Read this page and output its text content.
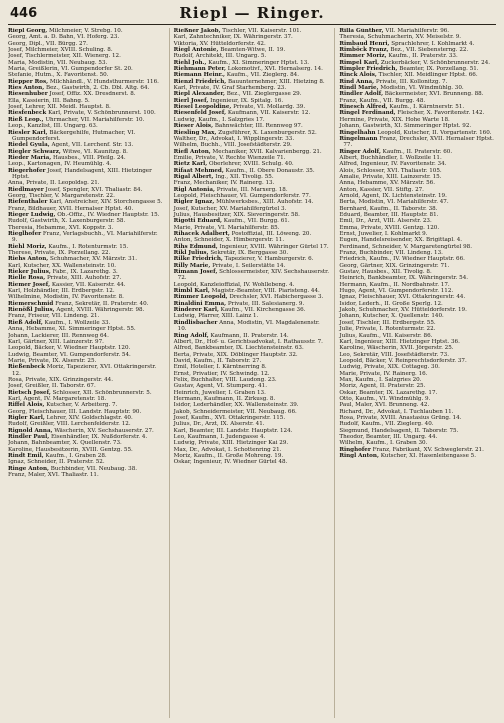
446	Riepl — Ringer.

Riepl Georg, Milchmeier, V. Strebg. 10.

Georg, Amt. a. D. Bahn, VI. Hoferg. 23.

Georg, Dipl., VII. Bürgg. 27.

Josef, Milchmeier, XVIII. Schuling. 8.

Josef, Tischlermeister, XII. Wienerg. 12.

Maria, Modistin, VII. Neubaug. 53.

Maria, Greißlerin, VI. Gumpendorfer St. 20.

Stefanie, Hutm., X. Favoritenst. 50.

Riepper Ros, Milchhändl., V. Hundsthurmerstr. 116.

Ries Anton, Bez., Gastwirth, 2. Cb. Dbl. Altg. 64.

Riesenhuber Josef, Offiz. XX. Dresdnerst. 8.

Ella, Kassierin, III. Bahng. 5.

Josef, Lehrer, XII. Meidl. Hauptst. 8.

Riesfenbeck Karl, Private, V. Schönbrunnerst. 100.

Rieß Leop., Uhrmacher, VII. Mariahilferstr. 10.

Leop., Kanzlist, III. Ungarg. 63.

Riesler Karl, Bäckergehilfe, Hutmacher, VI. Gumpendorferst.

Riedel Gyula, Agent, VII. Lerchenf. Str. 13.

Riegler Schwarz, Witwe, VI. Kaunitzg. 8.

Rieder Maria, Hausbes., VIII. Pfeilg. 24.

Leop., Kartonagen, IV. Heumühlg. 4.

Riegerhofer Josef, Handelsagent, XIII. Hietzinger Hptst.

Anna, Private, II. Leopoldsg. 21.

Riedlmayer Josef, Spengler, XVI. Thaliastr. 84.

Georg, Tischler, V. Margaretenstr. 22.

Riefenthaler Karl, Anstreicher, XIV. Storchengasse 5.

Franz, Bildhauer, XVII. Hernalser Hptst. 40.

Rieger Ludwig, Ob.-Offiz., IV. Wiedner Hauptstr. 15.

Rudolf, Gastwirth, X. Laxenburgerstr. 58.

Theresia, Hebamme, XVI. Koppstr. 3.

Rieglhofer Franz, Verlagsbuchh., VI. Mariahilferstr. 9.

Riehl Moriz, Kaufm., I. Rotenturmstr. 15.

Therese, Private, IX. Porzellang. 22.

Riehs Anton, Schuhmacher, XV. Märzstr. 31.

Karl, Kutscher, XX. Wallensteinstr. 10.

Rieker Julius, Fabr., IX. Lazarethg. 3.

Rielle Rosa, Private, XIII. Auhofstr. 27.

Riemer Josef, Kassier, VII. Kaiserstr. 44.

Karl, Holzhändler, III. Erdbergstr. 12.

Wilhelmine, Modistin, IV. Favoritenstr. 8.

Riemerschmid Franz, Sekretär, II. Praterstr. 40.

Rienößl Julius, Agent, XVIII. Währingerstr. 98.

Franz, Friseur, VII. Lindeng. 21.

Rieß Adolf, Kaufm., I. Wollzeile 33.

Anna, Hebamme, XI. Simmeringer Hptst. 55.

Johann, Lackierer, III. Rennweg 64.

Karl, Gärtner, XIII. Lainzerstr. 97.

Leopold, Bäcker, V. Wiedner Hauptstr. 120.

Ludwig, Beamter, VI. Gumpendorferstr. 54.

Marie, Private, IX. Alserstr. 25.

Rießenbeck Moriz, Tapezierer, XVI. Ottakringerstr. 12.

Rosa, Private, XIX. Grinzingerstr. 44.

Josef, Greißler, II. Taborstr. 67.

Rietsch Josef, Schlosser, XII. Schönbrunnerstr. 5.

Karl, Agent, IV. Margaretenstr. 18.

Riffel Alois, Kutscher, V. Arbeiterg. 7.

Georg, Fleischhauer, III. Landstr. Hauptstr. 90.

Rigler Karl, Lehrer, XIV. Goldschlagstr. 40.

Rudolf, Greißler, VIII. Lerchenfelderstr. 12.

Rignold Anna, Wäscherin, XV. Sechshauserstr. 27.

Rindler Paul, Eisenhändler, IX. Nußdorferstr. 4.

Johann, Bahnbeamter, X. Quellenstr. 73.

Karoline, Hausbesitzerin, XVIII. Gentzg. 55.

Rindt Emil, Kaufm., I. Graben 28.

Ignaz, Schneider, II. Praterstr. 52.

Ringe Anton, Buchbinder, VII. Neubaug. 38.

Franz, Maler, XVI. Thaliastr. 11.

Rießner Jakob, Tischler, VII. Kaiserstr. 101.

Karl, Zahntechniker, IX. Währingerstr. 37.

Viktoria, XV. Hütteldorferstr. 42.

Riegl Antonie, Beamten-Witwe, II. 19.

Rudolf, Architekt, III. Ungarg. 5.

Riehl Joh., Kaufm., XI. Simmeringer Hptst. 13.

Riehmann Peter, Lokomotivf., XVI. Hernalserg. 14.

Riemann Heinr., Kaufm., VII. Zieglerg. 84.

Rienzl Friedrich, Bauunternehmer, XIII. Hietzing 8.

Karl, Private, IV. Graf Starhemberg. 23.

Riepl Alexander, Bez., VII. Zieglergasse 29.

Rierl Josef, Ingenieur, IX. Spitalg. 16.

Riesel Leopoldine, Private, VI. Mollardg. 39.

Riesenfeld Josef, Kaufmann, VII. Kaiserstr. 12.

Ludwig, Kaufm., I. Salzgries 17.

Rieser Alois, Bahnwächter, III. Rennweg 97.

Riesling Max, Zugsführer, X. Laxenburgerstr. 52.

Walther, Dr., Advokat, I. Wipplingerstr. 33.

Wilhelm, Buchh., VIII. Josefstädterstr. 29.

Riefl Anton, Mechaniker, XVII. Kalvarienbergg. 21.

Emilie, Private, V. Rechte Wienzeile 71.

Rietz Karl, Oberlehrer, XVIII. Schulg. 40.

Rifaat Mehmed, Kaufm., II. Obere Donaustr. 35.

Rigal Albert, Ing., XII. Tivolig. 55.

Franz, Mechaniker, IV. Rainerg. 13.

Rigl Antonia, Private, III. Marxerg. 18.

Leopold, Fleischhauer, VI. Gumpendorferstr. 77.

Rigler Ignaz, Mühlwerksbes., XIII. Auhofstr. 14.

Josef, Kutscher, XV. Mariahilfergürtel 3.

Julius, Hausbesitzer, XIX. Sieveringerstr. 58.

Rigotti Eduard, Kaufm., VII. Burgg. 61.

Marie, Private, VI. Mariahilferstr. 85.

Rihacek Adalbert, Postoffizial, III. Löweng. 20.

Anton, Schneider, X. Himbergerstr. 11.

Rihs Edmund, Ingenieur, XVIII. Währinger Gürtel 17.

Rikl Julius, Sekretär, IX. Berggasse 30.

Rilke Friedrich, Tapezierer, V. Hamburgerstr. 6.

Rilly Marie, Private, I. Seilerstätte 14.

Rimann Josef, Schlossermeister, XIV. Sechshauserstr. 72.

Leopold, Kanzleioffizial, IV. Wohllebeng. 4.

Rimbl Karl, Magistr.-Beamter, VIII. Piaristeng. 44.

Rimmer Leopold, Drechsler, XVI. Habichergasse 3.

Rinaldini Emma, Private, III. Salesianerg. 9.

Rinderer Karl, Kaufm., VII. Kirchengasse 36.

Ludwig, Pfarrer, XIII. Lainz 1.

Rindlisbacher Anna, Modistin, VI. Magdalenenstr. 10.

Ring Adolf, Kaufmann, II. Praterstr. 14.

Albert, Dr., Hof- u. Gerichtsadvokat, I. Rathausstr. 7.

Alfred, Bankbeamter, IX. Liechtensteinstr. 63.

Berta, Private, XIX. Döblinger Hauptstr. 32.

David, Kaufm., II. Taborstr. 27.

Emil, Hotelier, I. Kärntnerring 8.

Ernst, Privatier, IV. Schwindg. 12.

Felix, Buchhalter, VIII. Laudong. 23.

Gustav, Agent, VI. Stumperg. 41.

Heinrich, Juwelier, I. Graben 13.

Hermann, Kaufmann, II. Zirkusg. 8.

Isidor, Lederhändler, XX. Wallensteinstr. 39.

Jakob, Schneidermeister, VII. Neubaug. 66.

Josef, Kaufm., XVI. Ottakringerstr. 115.

Julius, Dr., Arzt, IX. Alserstr. 41.

Karl, Beamter, III. Landstr. Hauptstr. 124.

Leo, Kaufmann, I. Judengasse 4.

Ludwig, Private, XIII. Hietzinger Kai 29.

Max, Dr., Advokat, I. Schottenring 21.

Moriz, Kaufm., II. Große Mohreng. 19.

Oskar, Ingenieur, IV. Wiedner Gürtel 48.

Rilla Günther, VII. Mariahilferstr. 96.

Theresia, Schuhmacherin, XV. Meiselstr. 9.

Rimbaud Henri, Sprachlehrer, I. Kohlmarkt 4.

Rimböck Franz, Bez., VII. Siebensterng. 22.

Rimmer Moriz, Kaufm., II. Praterstr. 33.

Rimpel Karl, Zuckerbäcker, V. Schönbrunnerstr. 24.

Rimpler Friedrich, Beamter, IX. Porzellang. 51.

Rinck Alois, Tischler, XII. Meidlinger Hptst. 66.

Rind Anna, Private, III. Kollonitzg. 7.

Rindl Marie, Modistin, VI. Windmühlg. 30.

Rindler Adolf, Bäckermeister, XVI. Brunneng. 88.

Franz, Kaufm., VII. Burgg. 48.

Rinesch Alfred, Kaufm., I. Kärntnerstr. 51.

Ringel Ferdinand, Fleischer, X. Favoritenstr. 142.

Hermine, Private, XIX. Hohe Warte 18.

Johann, Gastwirth, XI. Simmeringer Hptst. 92.

Ringelhahn Leopold, Kutscher, II. Vorgartenstr. 160.

Ringelmann Franz, Drechsler, XVII. Hernalser Hptst. 77.

Ringer Adolf, Kaufm., II. Praterstr. 60.

Albert, Buchhändler, I. Wollzeile 11.

Alfred, Ingenieur, IV. Favoritenstr. 34.

Alois, Schlosser, XVI. Thaliastr. 105.

Amalie, Private, XIII. Lainzerstr. 15.

Anna, Hebamme, XV. Märzstr. 56.

Anton, Kassier, VII. Stiftg. 27.

Arnold, Agent, IX. Lichtensteinstr. 19.

Berta, Modistin, VI. Mariahilferstr. 47.

Bernhard, Kaufm., II. Taborstr. 38.

Eduard, Beamter, III. Hauptstr. 81.

Emil, Dr., Arzt, VIII. Alserstr. 23.

Emma, Private, XVIII. Gentzg. 120.

Ernst, Juwelier, I. Kohlmarkt 9.

Eugen, Handelsreisender, XX. Brigittapl. 4.

Ferdinand, Schneider, V. Margaretengürtel 98.

Franz, Buchbinder, VII. Lindeng. 13.

Friedrich, Kaufm., IV. Wiedner Hauptstr. 66.

Georg, Gärtner, XIX. Grinzingerstr. 71.

Gustav, Hausbes., XII. Tivolig. 8.

Heinrich, Bankbeamter, IX. Währingerstr. 54.

Hermann, Kaufm., II. Nordbahnstr. 17.

Hugo, Agent, VI. Gumpendorferstr. 112.

Ignaz, Fleischhauer, XVI. Ottakringerstr. 44.

Isidor, Lederh., II. Große Sperlg. 12.

Jakob, Schuhmacher, XV. Hütteldorferstr. 19.

Johann, Kutscher, X. Quellenstr. 140.

Josef, Tischler, III. Erdbergstr. 55.

Julie, Private, I. Rotenturmstr. 22.

Julius, Kaufm., VII. Kaiserstr. 86.

Karl, Ingenieur, XIII. Hietzinger Hptst. 36.

Karoline, Wäscherin, XVII. Jörgerstr. 25.

Leo, Sekretär, VIII. Josefstädterstr. 73.

Leopold, Bäcker, V. Reinprechtsdorferstr. 37.

Ludwig, Private, XIX. Cottageg. 30.

Marie, Private, IV. Rainerg. 16.

Max, Kaufm., I. Salzgries 20.

Moriz, Agent, II. Praterstr. 25.

Oskar, Beamter, IX. Lazarethg. 17.

Otto, Kaufm., VI. Windmühlg. 9.

Paul, Maler, XVI. Brunneng. 42.

Richard, Dr., Advokat, I. Tuchlauben 11.

Rosa, Private, XVIII. Anastasius Grüng. 14.

Rudolf, Kaufm., VII. Zieglerg. 40.

Siegmund, Handelsagent, II. Taborstr. 75.

Theodor, Beamter, III. Ungarg. 44.

Wilhelm, Kaufm., I. Graben 30.

Ringhofer Franz, Fabrikant, XV. Schweglerstr. 21.

Ringl Anton, Kutscher, XI. Hasenleitengasse 5.
